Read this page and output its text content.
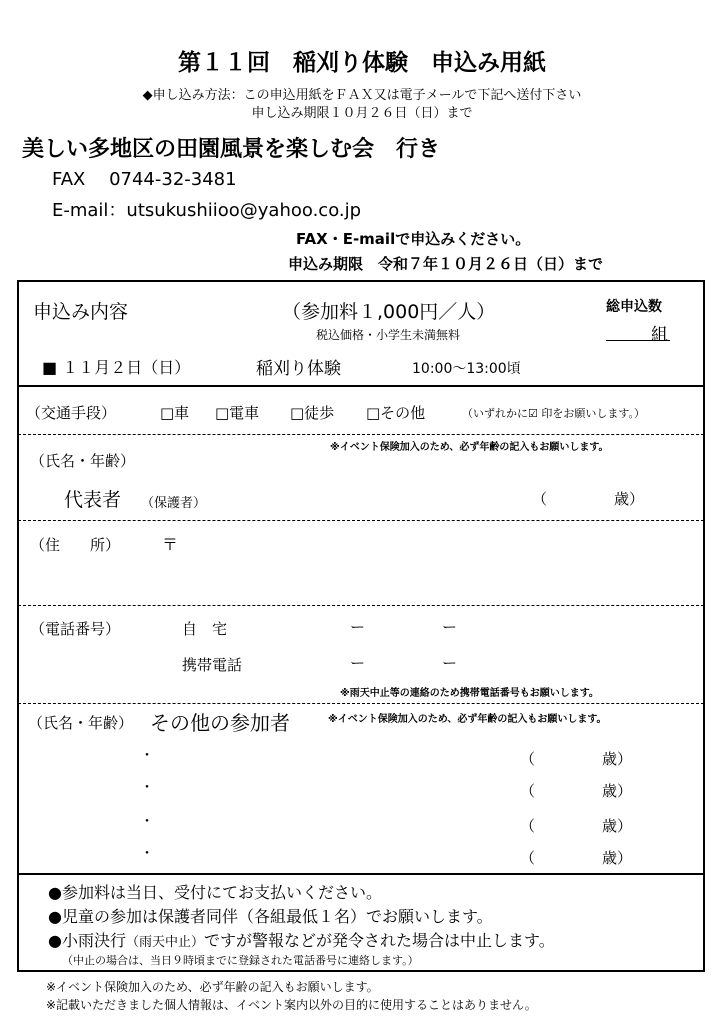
第１１回　稲刈り体験　申込み用紙
◆申し込み方法：この申込用紙をＦＡＸ又は電子メールで下記へ送付下さい
申し込み期限１０月２６日（日）まで
美しい多地区の田園風景を楽しむ会　行き
FAX　 0744-32-3481
E-mail：utsukushiioo@yahoo.co.jp
FAX・E-mailで申込みください。
申込み期限　令和７年１０月２６日（日）まで
申込み内容	（参加料１,000円／人）
税込価格・小学生未満無料
総申込数
組
■ １１月２日（日）	稲刈り体験	10:00～13:00頃
（交通手段）	□車 □電車 □徒歩 □その他	（いずれかに☑ 印をお願いします。）
（氏名・年齢）
※イベント保険加入のため、必ず年齢の記入もお願いします。
代表者 （保護者）	（	歳）
（住　　所）	〒
（電話番号）	自　宅	ー	ー
携帯電話	ー	ー
※雨天中止等の連絡のため携帯電話番号もお願いします。
（氏名・年齢） その他の参加者	※イベント保険加入のため、必ず年齢の記入もお願いします。
・	（	歳）
・	（	歳）
・	（	歳）
・	（	歳）
●参加料は当日、受付にてお支払いください。
●児童の参加は保護者同伴（各組最低１名）でお願いします。
●小雨決行（雨天中止）ですが警報などが発令された場合は中止します。
（中止の場合は、当日９時頃までに登録された電話番号に連絡します。）
※イベント保険加入のため、必ず年齢の記入もお願いします。
※記載いただきました個人情報は、イベント案内以外の目的に使用することはありません。
